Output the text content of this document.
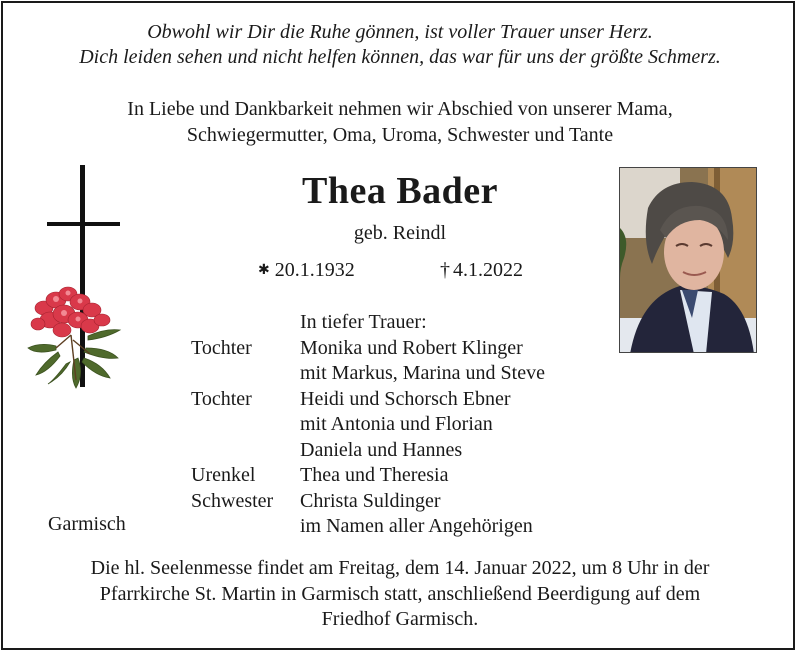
Obwohl wir Dir die Ruhe gönnen, ist voller Trauer unser Herz.
Dich leiden sehen und nicht helfen können, das war für uns der größte Schmerz.
In Liebe und Dankbarkeit nehmen wir Abschied von unserer Mama,
Schwiegermutter, Oma, Uroma, Schwester und Tante
Thea Bader
geb. Reindl
✱ 20.1.1932	† 4.1.2022
In tiefer Trauer:
Monika und Robert Klinger
mit Markus, Marina und Steve
Heidi und Schorsch Ebner
mit Antonia und Florian
Daniela und Hannes
Thea und Theresia
Christa Suldinger
im Namen aller Angehörigen
Tochter
Tochter
Urenkel
Schwester
Garmisch
Die hl. Seelenmesse findet am Freitag, dem 14. Januar 2022, um 8 Uhr in der
Pfarrkirche St. Martin in Garmisch statt, anschließend Beerdigung auf dem
Friedhof Garmisch.
